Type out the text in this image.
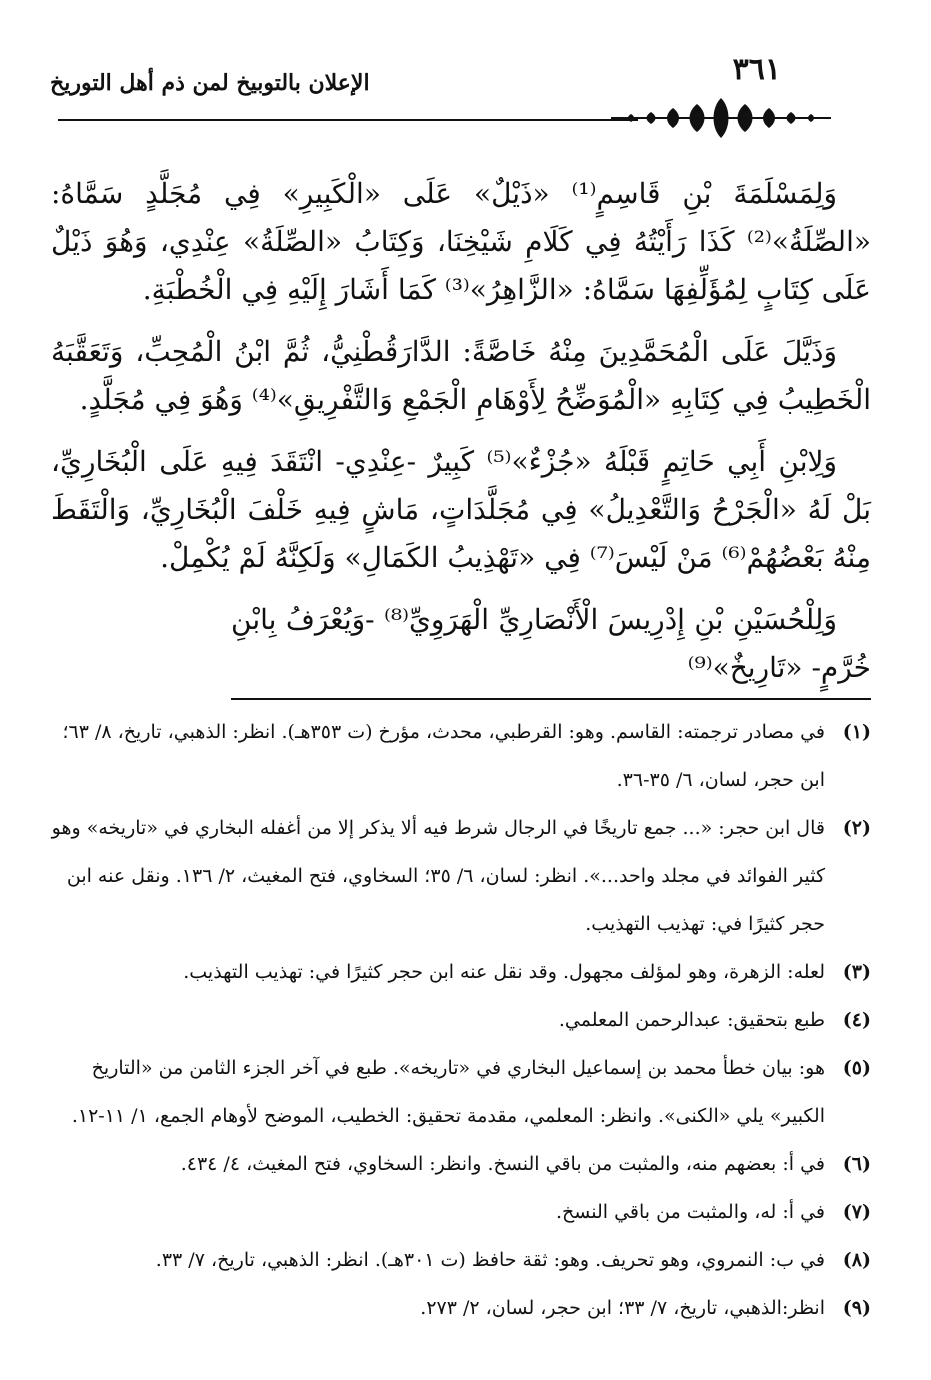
٣٦١
الإعلان بالتوبيخ لمن ذم أهل التوريخ

وَلِمَسْلَمَةَ بْنِ قَاسِمٍ⁽¹⁾ «ذَيْلٌ» عَلَى «الْكَبِيرِ» فِي مُجَلَّدٍ سَمَّاهُ: «الصِّلَةُ»⁽²⁾ كَذَا رَأَيْتُهُ فِي كَلَامِ شَيْخِنَا، وَكِتَابُ «الصِّلَةُ» عِنْدِي، وَهُوَ ذَيْلٌ عَلَى كِتَابٍ لِمُؤَلِّفِهَا سَمَّاهُ: «الزَّاهِرُ»⁽³⁾ كَمَا أَشَارَ إِلَيْهِ فِي الْخُطْبَةِ.

وَذَيَّلَ عَلَى الْمُحَمَّدِينَ مِنْهُ خَاصَّةً: الدَّارَقُطْنِيُّ، ثُمَّ ابْنُ الْمُحِبِّ، وَتَعَقَّبَهُ الْخَطِيبُ فِي كِتَابِهِ «الْمُوَضِّحُ لِأَوْهَامِ الْجَمْعِ وَالتَّفْرِيقِ»⁽⁴⁾ وَهُوَ فِي مُجَلَّدٍ.

وَلِابْنِ أَبِي حَاتِمٍ قَبْلَهُ «جُزْءٌ»⁽⁵⁾ كَبِيرٌ -عِنْدِي- انْتَقَدَ فِيهِ عَلَى الْبُخَارِيِّ، بَلْ لَهُ «الْجَرْحُ وَالتَّعْدِيلُ» فِي مُجَلَّدَاتٍ، مَاشٍ فِيهِ خَلْفَ الْبُخَارِيِّ، وَالْتَقَطَ مِنْهُ بَعْضُهُمْ⁽⁶⁾ مَنْ لَيْسَ⁽⁷⁾ فِي «تَهْذِيبُ الكَمَالِ» وَلَكِنَّهُ لَمْ يُكْمِلْ.

وَلِلْحُسَيْنِ بْنِ إِدْرِيسَ الْأَنْصَارِيِّ الْهَرَوِيِّ⁽⁸⁾ -وَيُعْرَفُ بِابْنِ خُرَّمٍ- «تَارِيخٌ»⁽⁹⁾

(١)
في مصادر ترجمته: القاسم. وهو: القرطبي، محدث، مؤرخ (ت ٣٥٣هـ). انظر: الذهبي، تاريخ، ٨/ ٦٣؛ ابن حجر، لسان، ٦/ ٣٥-٣٦.
(٢)
قال ابن حجر: «... جمع تاريخًا في الرجال شرط فيه ألا يذكر إلا من أغفله البخاري في «تاريخه» وهو كثير الفوائد في مجلد واحد...». انظر: لسان، ٦/ ٣٥؛ السخاوي، فتح المغيث، ٢/ ١٣٦. ونقل عنه ابن حجر كثيرًا في: تهذيب التهذيب.
(٣)
لعله: الزهرة، وهو لمؤلف مجهول. وقد نقل عنه ابن حجر كثيرًا في: تهذيب التهذيب.
(٤)
طبع بتحقيق: عبدالرحمن المعلمي.
(٥)
هو: بيان خطأ محمد بن إسماعيل البخاري في «تاريخه». طبع في آخر الجزء الثامن من «التاريخ الكبير» يلي «الكنى». وانظر: المعلمي، مقدمة تحقيق: الخطيب، الموضح لأوهام الجمع، ١/ ١١-١٢.
(٦)
في أ: بعضهم منه، والمثبت من باقي النسخ. وانظر: السخاوي، فتح المغيث، ٤/ ٤٣٤.
(٧)
في أ: له، والمثبت من باقي النسخ.
(٨)
في ب: النمروي، وهو تحريف. وهو: ثقة حافظ (ت ٣٠١هـ). انظر: الذهبي، تاريخ، ٧/ ٣٣.
(٩)
انظر:الذهبي، تاريخ، ٧/ ٣٣؛ ابن حجر، لسان، ٢/ ٢٧٣.
